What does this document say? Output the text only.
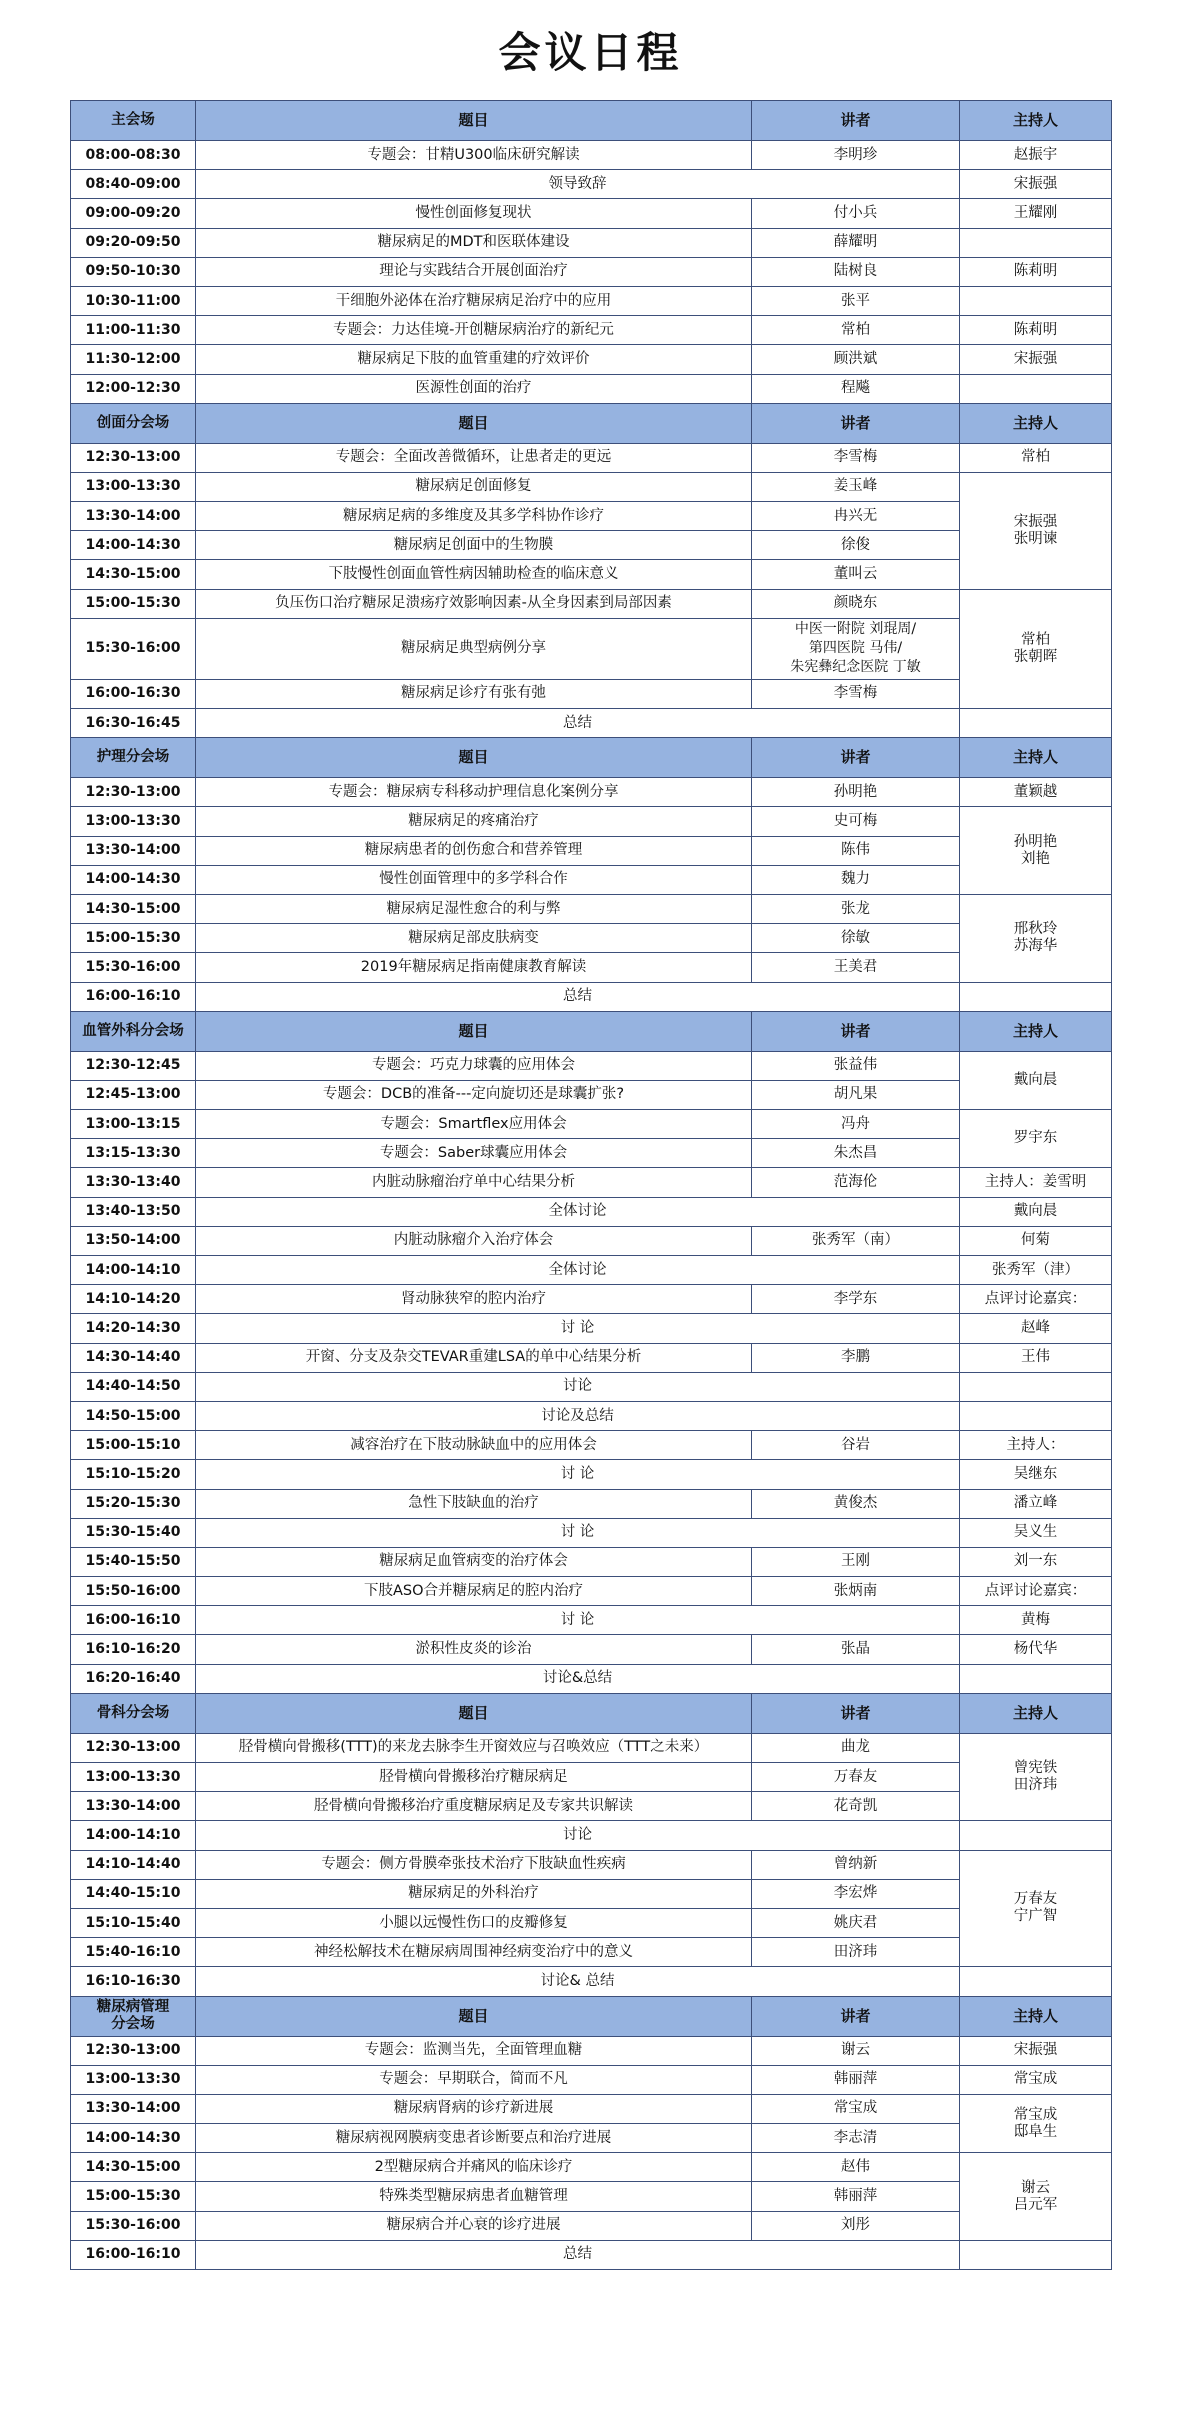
会议日程
主会场	题目	讲者	主持人
08:00-08:30	专题会：甘精U300临床研究解读	李明珍	赵振宇
08:40-09:00	领导致辞		宋振强
09:00-09:20	慢性创面修复现状	付小兵	王耀刚
09:20-09:50	糖尿病足的MDT和医联体建设	薛耀明	
09:50-10:30	理论与实践结合开展创面治疗	陆树良	陈莉明
10:30-11:00	干细胞外泌体在治疗糖尿病足治疗中的应用	张平	
11:00-11:30	专题会：力达佳境-开创糖尿病治疗的新纪元	常柏	陈莉明
11:30-12:00	糖尿病足下肢的血管重建的疗效评价	顾洪斌	宋振强
12:00-12:30	医源性创面的治疗	程飚	
创面分会场	题目	讲者	主持人
12:30-13:00	专题会：全面改善微循环，让患者走的更远	李雪梅	常柏
13:00-13:30	糖尿病足创面修复	姜玉峰	宋振强
张明谏
13:30-14:00	糖尿病足病的多维度及其多学科协作诊疗	冉兴无	
14:00-14:30	糖尿病足创面中的生物膜	徐俊	
14:30-15:00	下肢慢性创面血管性病因辅助检查的临床意义	董叫云	
15:00-15:30	负压伤口治疗糖尿足溃疡疗效影响因素-从全身因素到局部因素	颜晓东	常柏
张朝晖
15:30-16:00	糖尿病足典型病例分享	中医一附院 刘琨周/
第四医院 马伟/
朱宪彝纪念医院 丁敏	
16:00-16:30	糖尿病足诊疗有张有弛	李雪梅	
16:30-16:45	总结		
护理分会场	题目	讲者	主持人
12:30-13:00	专题会：糖尿病专科移动护理信息化案例分享	孙明艳	董颖越
13:00-13:30	糖尿病足的疼痛治疗	史可梅	孙明艳
刘艳
13:30-14:00	糖尿病患者的创伤愈合和营养管理	陈伟	
14:00-14:30	慢性创面管理中的多学科合作	魏力	
14:30-15:00	糖尿病足湿性愈合的利与弊	张龙	邢秋玲
苏海华
15:00-15:30	糖尿病足部皮肤病变	徐敏	
15:30-16:00	2019年糖尿病足指南健康教育解读	王美君	
16:00-16:10	总结		
血管外科分会场	题目	讲者	主持人
12:30-12:45	专题会：巧克力球囊的应用体会	张益伟	戴向晨
12:45-13:00	专题会：DCB的准备---定向旋切还是球囊扩张?	胡凡果	
13:00-13:15	专题会：Smartflex应用体会	冯舟	罗宇东
13:15-13:30	专题会：Saber球囊应用体会	朱杰昌	
13:30-13:40	内脏动脉瘤治疗单中心结果分析	范海伦	主持人：姜雪明
13:40-13:50	全体讨论		戴向晨
13:50-14:00	内脏动脉瘤介入治疗体会	张秀军（南）	何菊
14:00-14:10	全体讨论		张秀军（津）
14:10-14:20	肾动脉狭窄的腔内治疗	李学东	点评讨论嘉宾：
14:20-14:30	讨 论		赵峰
14:30-14:40	开窗、分支及杂交TEVAR重建LSA的单中心结果分析	李鹏	王伟
14:40-14:50	讨论		
14:50-15:00	讨论及总结		
15:00-15:10	减容治疗在下肢动脉缺血中的应用体会	谷岩	主持人：
15:10-15:20	讨 论		吴继东
15:20-15:30	急性下肢缺血的治疗	黄俊杰	潘立峰
15:30-15:40	讨 论		吴义生
15:40-15:50	糖尿病足血管病变的治疗体会	王刚	刘一东
15:50-16:00	下肢ASO合并糖尿病足的腔内治疗	张炳南	点评讨论嘉宾：
16:00-16:10	讨 论		黄梅
16:10-16:20	淤积性皮炎的诊治	张晶	杨代华
16:20-16:40	讨论&总结		
骨科分会场	题目	讲者	主持人
12:30-13:00	胫骨横向骨搬移(TTT)的来龙去脉李生开窗效应与召唤效应（TTT之未来）	曲龙	曾宪铁
田济玮
13:00-13:30	胫骨横向骨搬移治疗糖尿病足	万春友	
13:30-14:00	胫骨横向骨搬移治疗重度糖尿病足及专家共识解读	花奇凯	
14:00-14:10	讨论		
14:10-14:40	专题会：侧方骨膜牵张技术治疗下肢缺血性疾病	曾纳新	万春友
宁广智
14:40-15:10	糖尿病足的外科治疗	李宏烨	
15:10-15:40	小腿以远慢性伤口的皮瓣修复	姚庆君	
15:40-16:10	神经松解技术在糖尿病周围神经病变治疗中的意义	田济玮	
16:10-16:30	讨论& 总结		
糖尿病管理
分会场	题目	讲者	主持人
12:30-13:00	专题会：监测当先，全面管理血糖	谢云	宋振强
13:00-13:30	专题会：早期联合，简而不凡	韩丽萍	常宝成
13:30-14:00	糖尿病肾病的诊疗新进展	常宝成	常宝成
邸阜生
14:00-14:30	糖尿病视网膜病变患者诊断要点和治疗进展	李志清	
14:30-15:00	2型糖尿病合并痛风的临床诊疗	赵伟	谢云
吕元军
15:00-15:30	特殊类型糖尿病患者血糖管理	韩丽萍	
15:30-16:00	糖尿病合并心衰的诊疗进展	刘彤	
16:00-16:10	总结		
